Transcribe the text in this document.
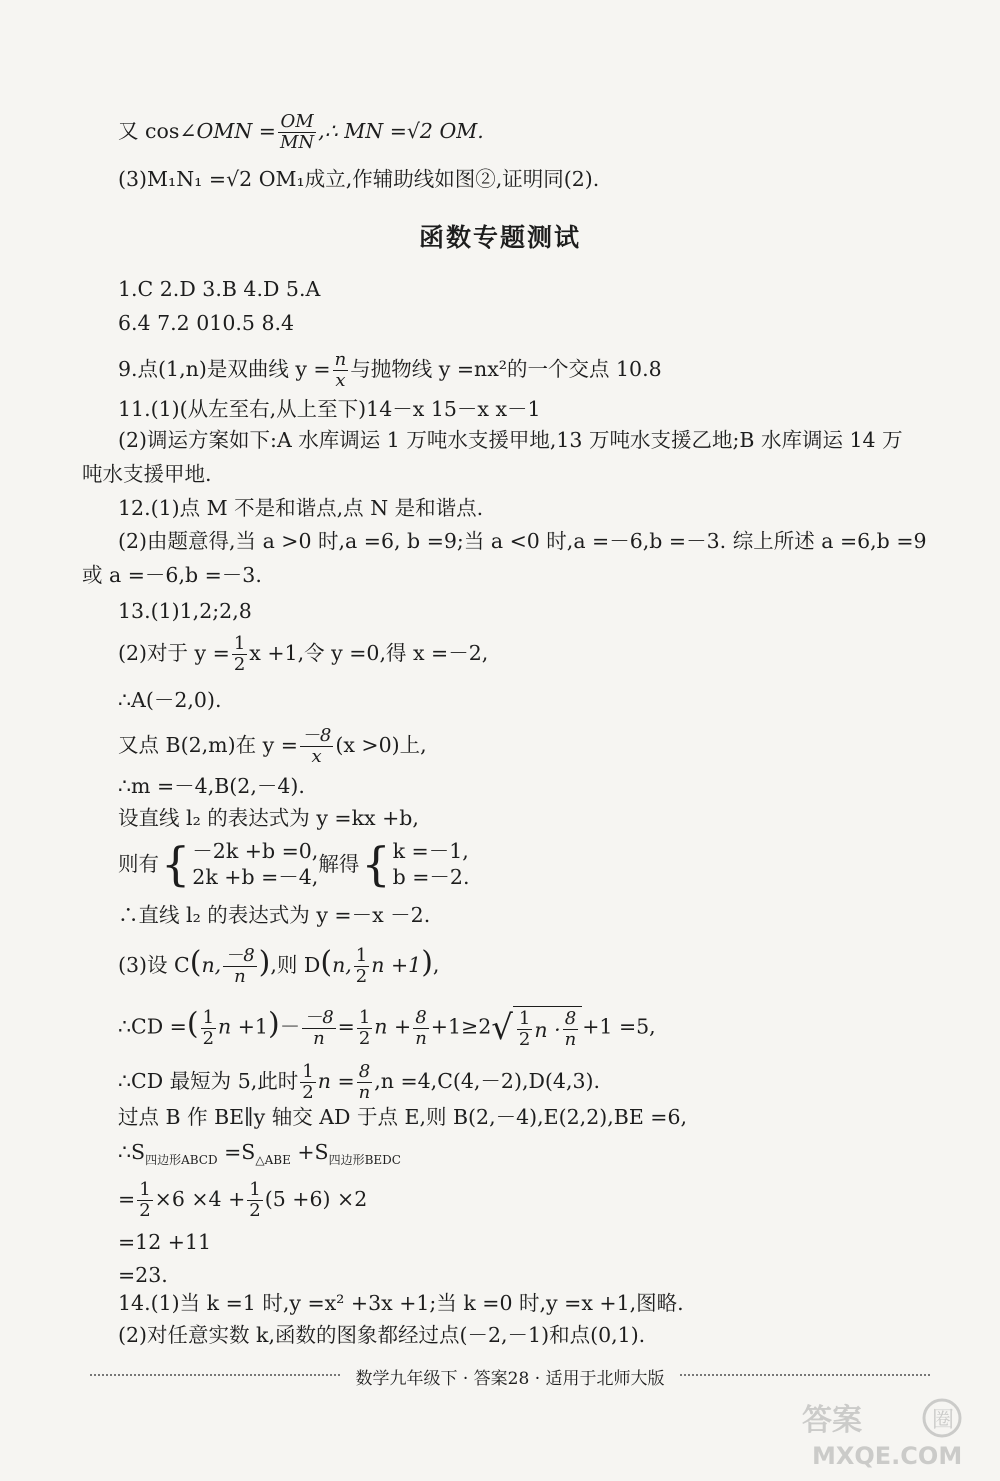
又 cos∠OMN = $\frac{OM}{MN}$ ,∴ MN =√2 OM.
(3)M₁N₁ =√2 OM₁成立,作辅助线如图②,证明同(2).
函数专题测试
1.C 2.D 3.B 4.D 5.A
6.4 7.2 010.5 8.4
9.点(1,n)是双曲线 $y = \frac{n}{x}$ 与抛物线 y =nx²的一个交点 10.8
11.(1)(从左至右,从上至下)14－x 15－x x－1
(2)调运方案如下:A 水库调运 1 万吨水支援甲地,13 万吨水支援乙地;B 水库调运 14 万
吨水支援甲地.
12.(1)点 M 不是和谐点,点 N 是和谐点.
(2)由题意得,当 a >0 时,a =6, b =9;当 a <0 时,a =－6,b =－3. 综上所述 a =6,b =9
或 a =－6,b =－3.
13.(1)1,2;2,8
(2)对于 $y = \frac{1}{2}$ x +1,令 y =0,得 x =－2,
∴A(－2,0).
又点 B(2,m)在 $y = \frac{-8}{x} (x >0)$上,
∴m =－4,B(2,－4).
设直线 l₂ 的表达式为 y =kx +b,
则有 { －2k +b =0,
2k +b =－4,
解得 { k =－1,
b =－2.
∴直线 l₂ 的表达式为 y =－x －2.
(3)设 C(n, $\frac{-8}{n}$ ),则 D(n, $\frac{1}{2}$ n +1),
∴CD =( $\frac{1}{2}$ $n +1)- \frac{-8}{n} = \frac{1}{2}$ $n + \frac{8}{n} +1\ge 2$ √ 1
2 n · 8
n
+1 =5,
∴CD 最短为 5,此时 $\frac{1}{2}$ $n = \frac{8}{n} ,n =4,C(4,-2),D(4,3)$.
过点 B 作 BE∥y 轴交 AD 于点 E,则 B(2,－4),E(2,2),BE =6,
$\therefore S_{四边形ABCD} =S_{\triangle ABE} +S_{四边形BEDC}$
= $\frac{1}{2} \times 6 \times 4 + \frac{1}{2} (5 +6) \times 2$
=12 +11
=23.
14.(1)当 k =1 时,y =x² +3x +1;当 k =0 时,y =x +1,图略.
(2)对任意实数 k,函数的图象都经过点(－2,－1)和点(0,1).
数学九年级下 · 答案28 · 适用于北师大版
答案	圈
MXQE.COM
